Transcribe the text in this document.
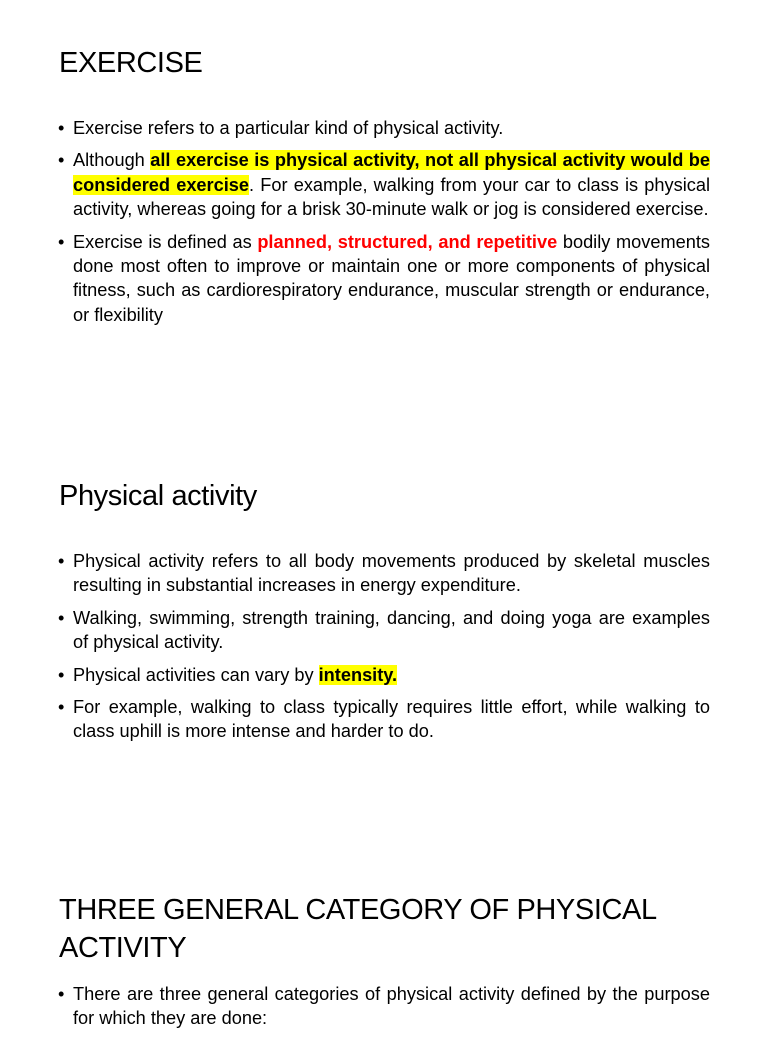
EXERCISE
• Exercise refers to a particular kind of physical activity.
• Although all exercise is physical activity, not all physical activity would be considered exercise. For example, walking from your car to class is physical activity, whereas going for a brisk 30-minute walk or jog is considered exercise.
• Exercise is defined as planned, structured, and repetitive bodily movements done most often to improve or maintain one or more components of physical fitness, such as cardiorespiratory endurance, muscular strength or endurance, or flexibility
Physical activity
• Physical activity refers to all body movements produced by skeletal muscles resulting in substantial increases in energy expenditure.
• Walking, swimming, strength training, dancing, and doing yoga are examples of physical activity.
• Physical activities can vary by intensity.
• For example, walking to class typically requires little effort, while walking to class uphill is more intense and harder to do.
THREE GENERAL CATEGORY OF PHYSICAL ACTIVITY
• There are three general categories of physical activity defined by the purpose for which they are done:
